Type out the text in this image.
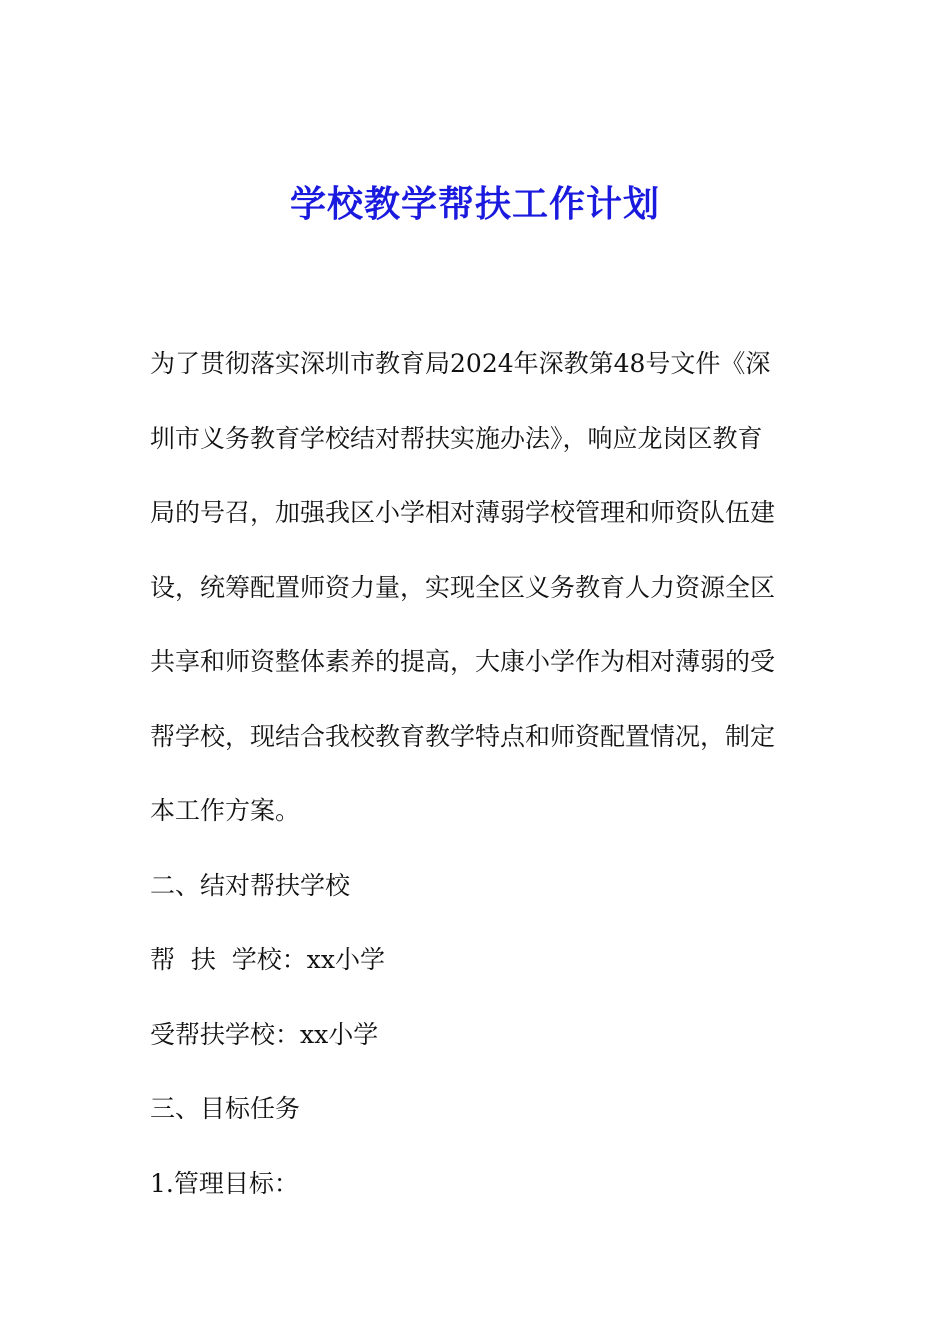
学校教学帮扶工作计划
为了贯彻落实深圳市教育局2024年深教第48号文件《深
圳市义务教育学校结对帮扶实施办法》，响应龙岗区教育
局的号召，加强我区小学相对薄弱学校管理和师资队伍建
设，统筹配置师资力量，实现全区义务教育人力资源全区
共享和师资整体素养的提高，大康小学作为相对薄弱的受
帮学校，现结合我校教育教学特点和师资配置情况，制定
本工作方案。
二、结对帮扶学校
帮  扶  学校：xx小学
受帮扶学校：xx小学
三、目标任务
1.管理目标：
